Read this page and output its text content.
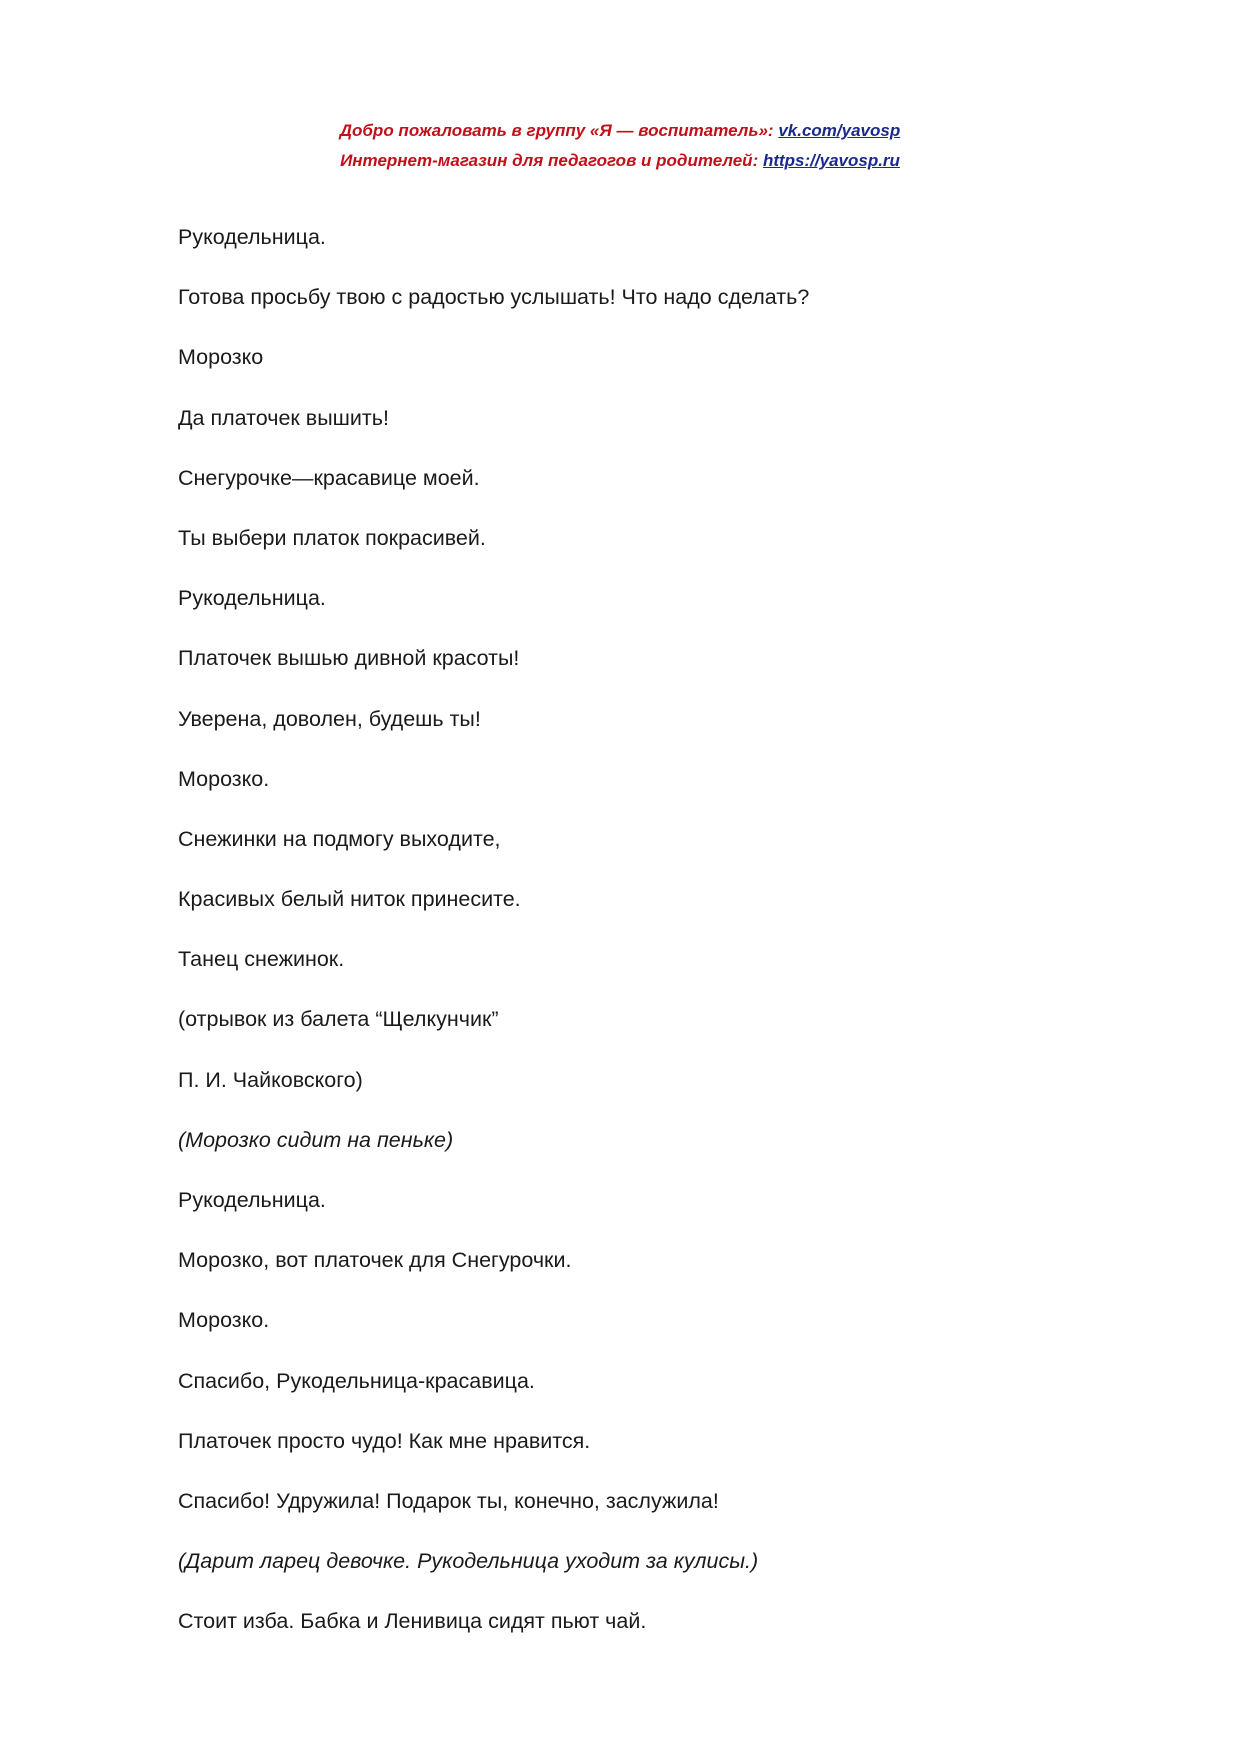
Добро пожаловать в группу «Я — воспитатель»: vk.com/yavosp
Интернет-магазин для педагогов и родителей: https://yavosp.ru
Рукодельница.
Готова просьбу твою с радостью услышать! Что надо сделать?
Морозко
Да платочек вышить!
Снегурочке—красавице моей.
Ты выбери платок покрасивей.
Рукодельница.
Платочек вышью дивной красоты!
Уверена, доволен, будешь ты!
Морозко.
Снежинки на подмогу выходите,
Красивых белый ниток принесите.
Танец снежинок.
(отрывок из балета “Щелкунчик”
П. И. Чайковского)
(Морозко сидит на пеньке)
Рукодельница.
Морозко, вот платочек для Снегурочки.
Морозко.
Спасибо, Рукодельница-красавица.
Платочек просто чудо! Как мне нравится.
Спасибо! Удружила! Подарок ты, конечно, заслужила!
(Дарит ларец девочке. Рукодельница уходит за кулисы.)
Стоит изба. Бабка и Ленивица сидят пьют чай.
